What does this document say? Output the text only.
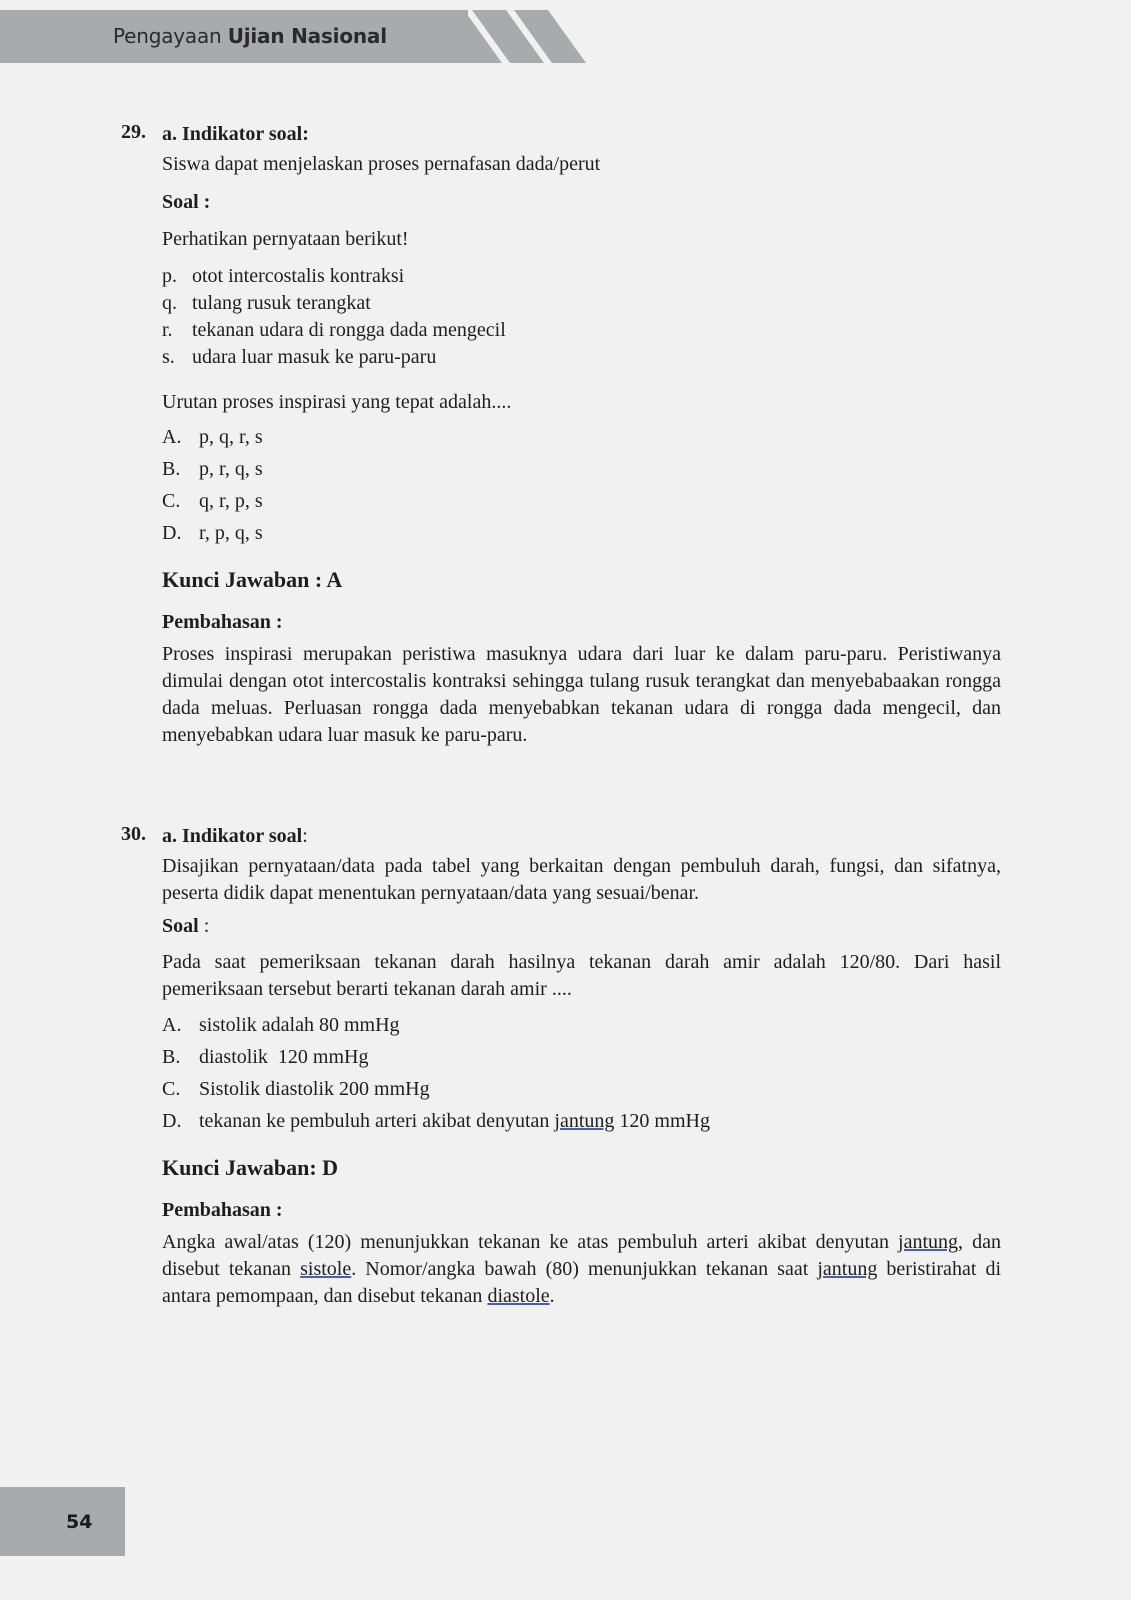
Pengayaan Ujian Nasional
29. a. Indikator soal:
Siswa dapat menjelaskan proses pernafasan dada/perut
Soal :
Perhatikan pernyataan berikut!
p. otot intercostalis kontraksi
q. tulang rusuk terangkat
r. tekanan udara di rongga dada mengecil
s. udara luar masuk ke paru-paru
Urutan proses inspirasi yang tepat adalah....
A. p, q, r, s
B. p, r, q, s
C. q, r, p, s
D. r, p, q, s
Kunci Jawaban : A
Pembahasan :
Proses inspirasi merupakan peristiwa masuknya udara dari luar ke dalam paru-paru. Peristiwanya dimulai dengan otot intercostalis kontraksi sehingga tulang rusuk terangkat dan menyebabaakan rongga dada meluas. Perluasan rongga dada menyebabkan tekanan udara di rongga dada mengecil, dan menyebabkan udara luar masuk ke paru-paru.
30. a. Indikator soal:
Disajikan pernyataan/data pada tabel yang berkaitan dengan pembuluh darah, fungsi, dan sifatnya, peserta didik dapat menentukan pernyataan/data yang sesuai/benar.
Soal :
Pada saat pemeriksaan tekanan darah hasilnya tekanan darah amir adalah 120/80. Dari hasil pemeriksaan tersebut berarti tekanan darah amir ....
A. sistolik adalah 80 mmHg
B. diastolik  120 mmHg
C. Sistolik diastolik 200 mmHg
D. tekanan ke pembuluh arteri akibat denyutan jantung 120 mmHg
Kunci Jawaban: D
Pembahasan :
Angka awal/atas (120) menunjukkan tekanan ke atas pembuluh arteri akibat denyutan jantung, dan disebut tekanan sistole. Nomor/angka bawah (80) menunjukkan tekanan saat jantung beristirahat di antara pemompaan, dan disebut tekanan diastole.
54
